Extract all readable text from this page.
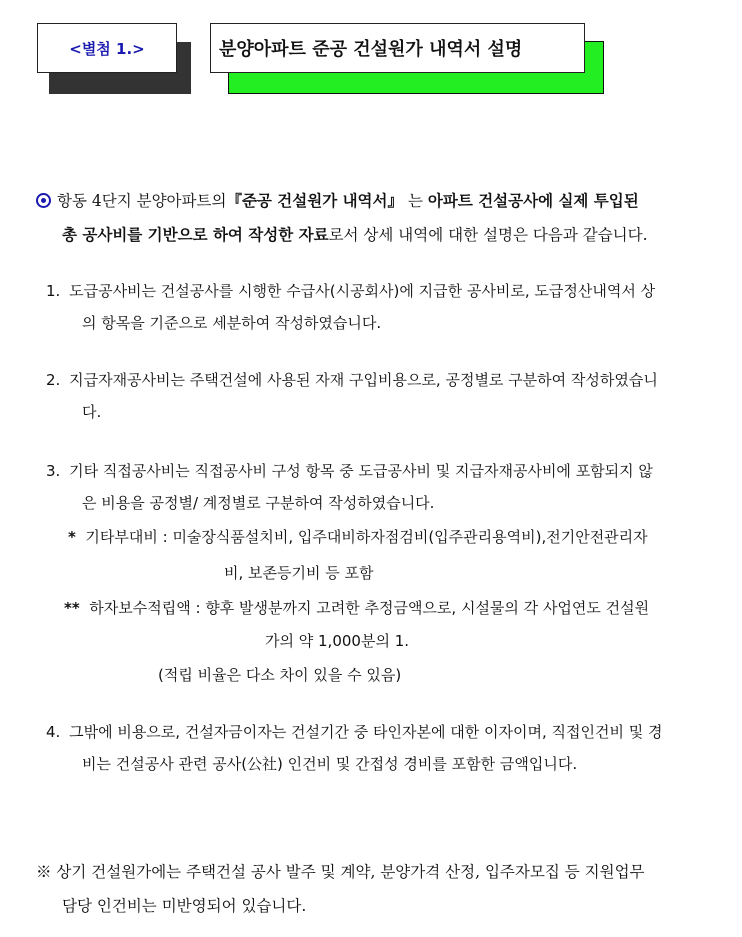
<별첨 1.>	분양아파트 준공 건설원가 내역서 설명
항동 4단지 분양아파트의『준공 건설원가 내역서』 는 아파트 건설공사에 실제 투입된
총 공사비를 기반으로 하여 작성한 자료로서 상세 내역에 대한 설명은 다음과 같습니다.
1. 도급공사비는 건설공사를 시행한 수급사(시공회사)에 지급한 공사비로, 도급정산내역서 상
의 항목을 기준으로 세분하여 작성하였습니다.
2. 지급자재공사비는 주택건설에 사용된 자재 구입비용으로, 공정별로 구분하여 작성하였습니
다.
3. 기타 직접공사비는 직접공사비 구성 항목 중 도급공사비 및 지급자재공사비에 포함되지 않
은 비용을 공정별/ 계정별로 구분하여 작성하였습니다.
* 기타부대비 : 미술장식품설치비, 입주대비하자점검비(입주관리용역비),전기안전관리자
비, 보존등기비 등 포함
** 하자보수적립액 : 향후 발생분까지 고려한 추정금액으로, 시설물의 각 사업연도 건설원
가의 약 1,000분의 1.
(적립 비율은 다소 차이 있을 수 있음)
4. 그밖에 비용으로, 건설자금이자는 건설기간 중 타인자본에 대한 이자이며, 직접인건비 및 경
비는 건설공사 관련 공사(公社) 인건비 및 간접성 경비를 포함한 금액입니다.
※ 상기 건설원가에는 주택건설 공사 발주 및 계약, 분양가격 산정, 입주자모집 등 지원업무
담당 인건비는 미반영되어 있습니다.
